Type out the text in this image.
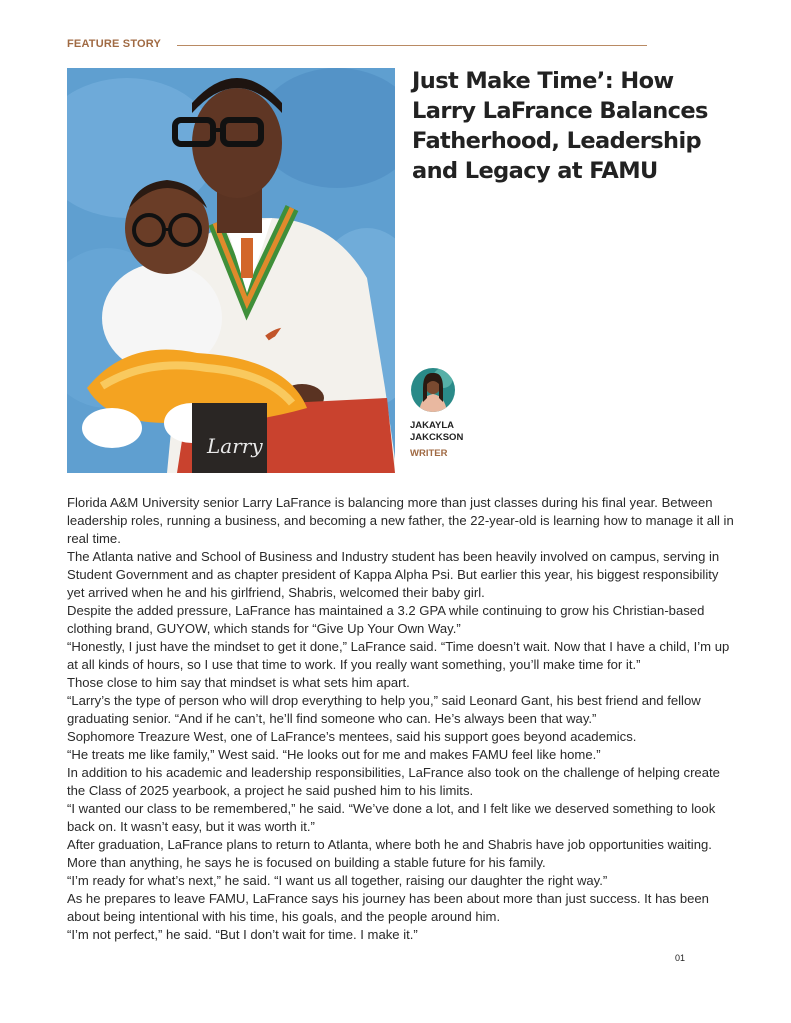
FEATURE STORY
Larry
Just Make Time’: How Larry LaFrance Balances Fatherhood, Leadership and Legacy at FAMU
JAKAYLA JAKCKSON
WRITER

Florida A&M University senior Larry LaFrance is balancing more than just classes during his final year. Between leadership roles, running a business, and becoming a new father, the 22-year-old is learning how to manage it all in real time.

The Atlanta native and School of Business and Industry student has been heavily involved on campus, serving in Student Government and as chapter president of Kappa Alpha Psi. But earlier this year, his biggest responsibility yet arrived when he and his girlfriend, Shabris, welcomed their baby girl.

Despite the added pressure, LaFrance has maintained a 3.2 GPA while continuing to grow his Christian-based clothing brand, GUYOW, which stands for “Give Up Your Own Way.”

“Honestly, I just have the mindset to get it done,” LaFrance said. “Time doesn’t wait. Now that I have a child, I’m up at all kinds of hours, so I use that time to work. If you really want something, you’ll make time for it.”

Those close to him say that mindset is what sets him apart.

“Larry’s the type of person who will drop everything to help you,” said Leonard Gant, his best friend and fellow graduating senior. “And if he can’t, he’ll find someone who can. He’s always been that way.”

Sophomore Treazure West, one of LaFrance’s mentees, said his support goes beyond academics.

“He treats me like family,” West said. “He looks out for me and makes FAMU feel like home.”

In addition to his academic and leadership responsibilities, LaFrance also took on the challenge of helping create the Class of 2025 yearbook, a project he said pushed him to his limits.

“I wanted our class to be remembered,” he said. “We’ve done a lot, and I felt like we deserved something to look back on. It wasn’t easy, but it was worth it.”

After graduation, LaFrance plans to return to Atlanta, where both he and Shabris have job opportunities waiting. More than anything, he says he is focused on building a stable future for his family.

“I’m ready for what’s next,” he said. “I want us all together, raising our daughter the right way.”

As he prepares to leave FAMU, LaFrance says his journey has been about more than just success. It has been about being intentional with his time, his goals, and the people around him.

“I’m not perfect,” he said. “But I don’t wait for time. I make it.”

01
